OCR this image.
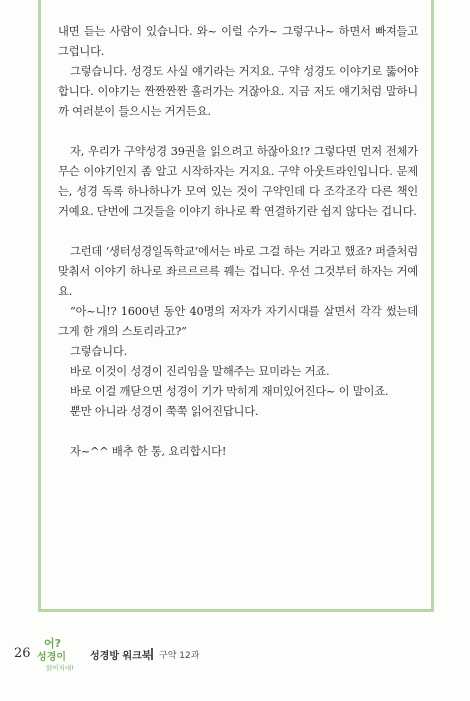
내면 듣는 사람이 있습니다. 와~ 이럴 수가~ 그렇구나~ 하면서 빠져들고 그럽니다.

그렇습니다. 성경도 사실 얘기라는 거지요. 구약 성경도 이야기로 뚫어야 합니다. 이야기는 짠짠짠짠 흘러가는 거잖아요. 지금 저도 얘기처럼 말하니까 여러분이 들으시는 거거든요.

자, 우리가 구약성경 39권을 읽으려고 하잖아요!? 그렇다면 먼저 전체가 무슨 이야기인지 좀 알고 시작하자는 거지요. 구약 아웃트라인입니다. 문제는, 성경 독록 하나하나가 모여 있는 것이 구약인데 다 조각조각 다른 책인 거예요. 단번에 그것들을 이야기 하나로 쫙 연결하기란 쉽지 않다는 겁니다.

그런데 ‘생터성경일독학교’에서는 바로 그걸 하는 거라고 했죠? 퍼즐처럼 맞춰서 이야기 하나로 좌르르르륵 꿰는 겁니다. 우선 그것부터 하자는 거예요.

“아~니!? 1600년 동안 40명의 저자가 자기시대를 살면서 각각 썼는데 그게 한 개의 스토리라고?”

그렇습니다.

바로 이것이 성경이 진리임을 말해주는 묘미라는 거죠.

바로 이걸 깨닫으면 성경이 기가 막히게 재미있어진다~ 이 말이죠.

뿐만 아니라 성경이 쭉쭉 읽어진답니다.

자~^^ 배추 한 통, 요리합시다!

26
어?
성경이
읽어지네!
성경방 워크북 구약 12과
